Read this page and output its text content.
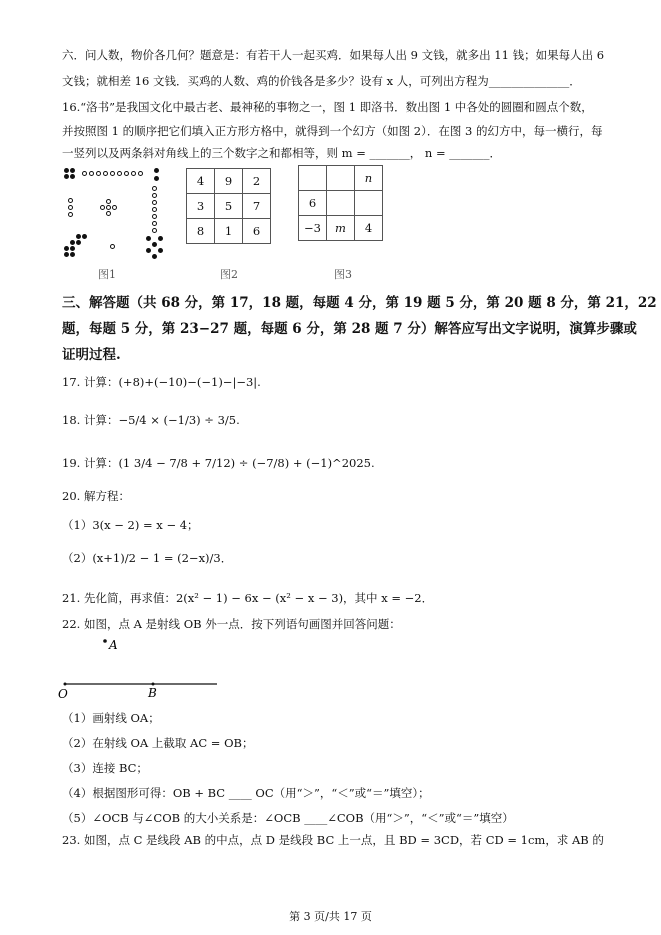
六．问人数，物价各几何？题意是：有若干人一起买鸡．如果每人出 9 文钱，就多出 11 钱；如果每人出 6
文钱；就相差 16 文钱．买鸡的人数、鸡的价钱各是多少？设有 x 人，可列出方程为______________．
16.“洛书”是我国文化中最古老、最神秘的事物之一，图 1 即洛书．数出图 1 中各处的圆圈和圆点个数，
并按照图 1 的顺序把它们填入正方形方格中，就得到一个幻方（如图 2）．在图 3 的幻方中，每一横行，每
一竖列以及两条斜对角线上的三个数字之和都相等，则 m = _______， n = _______．
图1
4	9	2
3	5	7
8	1	6
图2
		n
6		
−3	m	4
图3
三、解答题（共 68 分，第 17，18 题，每题 4 分，第 19 题 5 分，第 20 题 8 分，第 21，22
题，每题 5 分，第 23−27 题，每题 6 分，第 28 题 7 分）解答应写出文字说明，演算步骤或
证明过程.
17. 计算：(+8)+(−10)−(−1)−|−3|.
18. 计算：−5/4 × (−1/3) ÷ 3/5.
19. 计算：(1 3/4 − 7/8 + 7/12) ÷ (−7/8) + (−1)^2025.
20. 解方程：
（1）3(x − 2) = x − 4；
（2）(x+1)/2 − 1 = (2−x)/3．
21. 先化简，再求值：2(x² − 1) − 6x − (x² − x − 3)，其中 x = −2．
22. 如图，点 A 是射线 OB 外一点．按下列语句画图并回答问题：
A
O	B
（1）画射线 OA；
（2）在射线 OA 上截取 AC = OB；
（3）连接 BC；
（4）根据图形可得：OB + BC ____ OC（用“＞”，“＜”或“＝”填空）；
（5）∠OCB 与∠COB 的大小关系是：∠OCB ____∠COB（用“＞”，“＜”或“＝”填空）
23. 如图，点 C 是线段 AB 的中点，点 D 是线段 BC 上一点，且 BD = 3CD，若 CD = 1cm，求 AB 的
第 3 页/共 17 页
